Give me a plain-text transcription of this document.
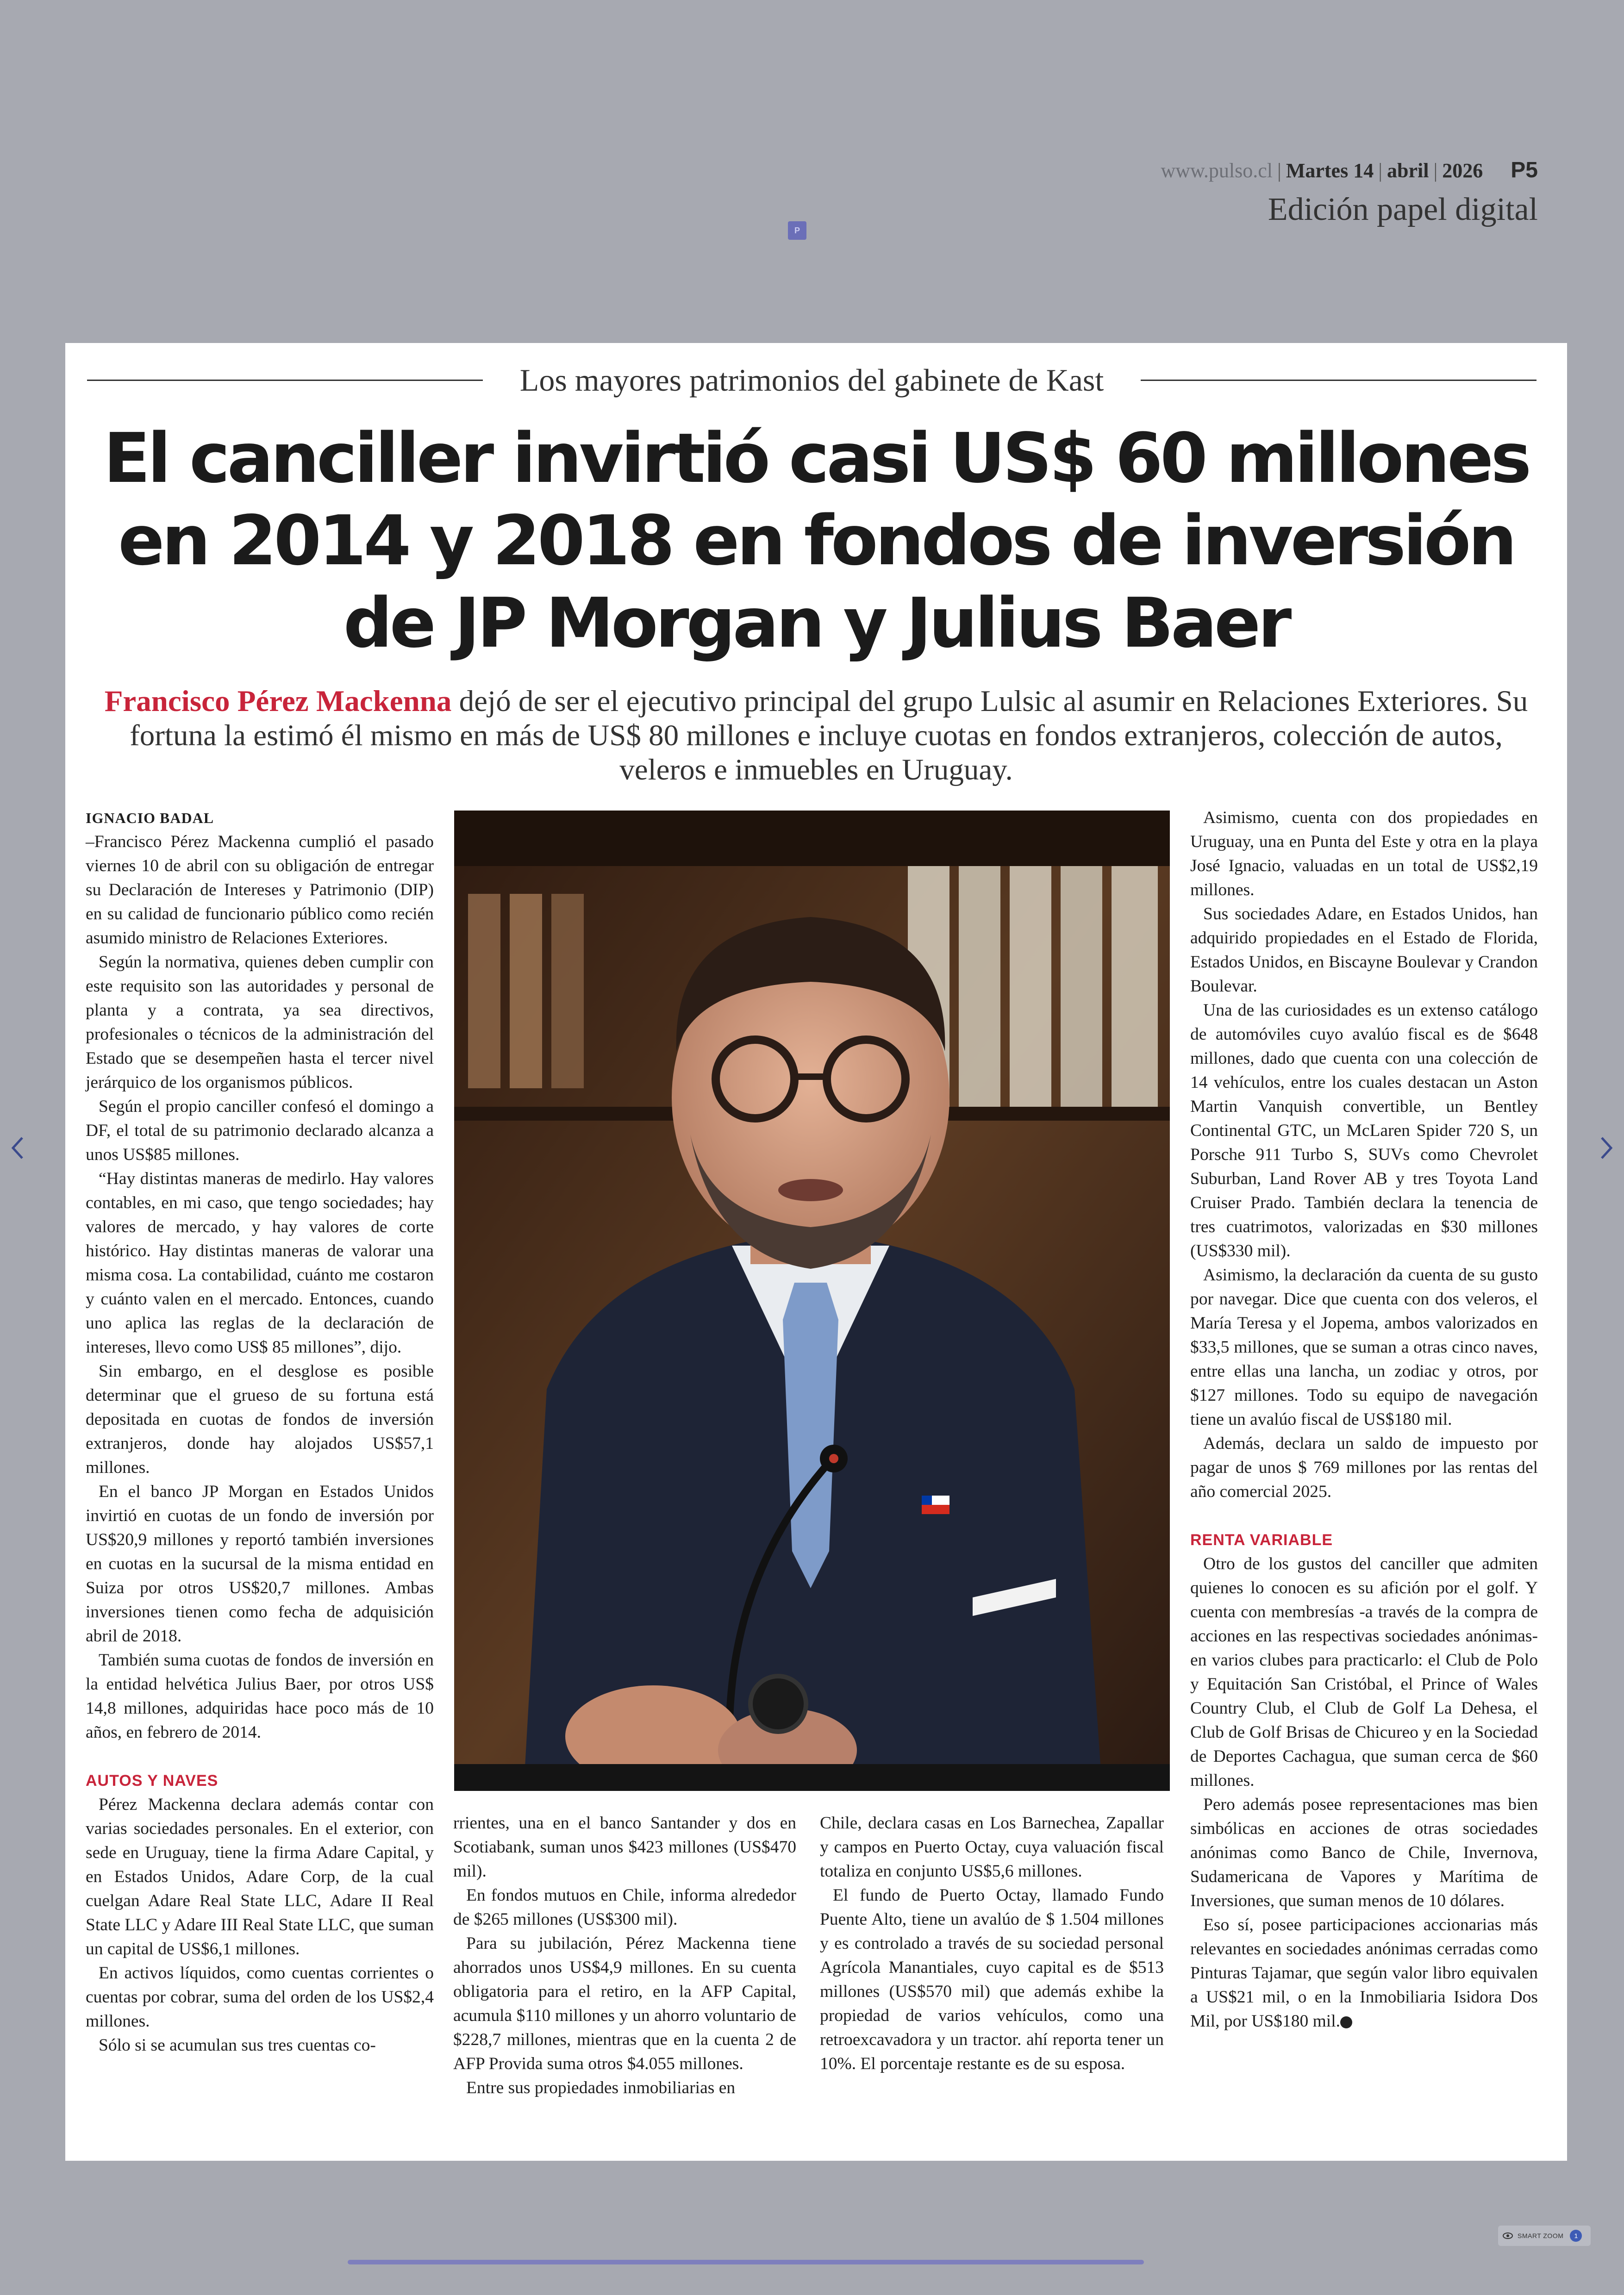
www.pulso.cl | Martes 14 | abril | 2026 P5
Edición papel digital
P
Los mayores patrimonios del gabinete de Kast
El canciller invirtió casi US$ 60 millones en 2014 y 2018 en fondos de inversión de JP Morgan y Julius Baer
Francisco Pérez Mackenna dejó de ser el ejecutivo principal del grupo Lulsic al asumir en Relaciones Exteriores. Su fortuna la estimó él mismo en más de US$ 80 millones e incluye cuotas en fondos extranjeros, colección de autos, veleros e inmuebles en Uruguay.

IGNACIO BADAL

–Francisco Pérez Mackenna cumplió el pasado viernes 10 de abril con su obligación de entregar su Declaración de Intereses y Patrimonio (DIP) en su calidad de funcionario público como recién asumido ministro de Relaciones Exteriores.

Según la normativa, quienes deben cumplir con este requisito son las autoridades y personal de planta y a contrata, ya sea directivos, profesionales o técnicos de la administración del Estado que se desempeñen hasta el tercer nivel jerárquico de los organismos públicos.

Según el propio canciller confesó el domingo a DF, el total de su patrimonio declarado alcanza a unos US$85 millones.

“Hay distintas maneras de medirlo. Hay valores contables, en mi caso, que tengo sociedades; hay valores de mercado, y hay valores de corte histórico. Hay distintas maneras de valorar una misma cosa. La contabilidad, cuánto me costaron y cuánto valen en el mercado. Entonces, cuando uno aplica las reglas de la declaración de intereses, llevo como US$ 85 millones”, dijo.

Sin embargo, en el desglose es posible determinar que el grueso de su fortuna está depositada en cuotas de fondos de inversión extranjeros, donde hay alojados US$57,1 millones.

En el banco JP Morgan en Estados Unidos invirtió en cuotas de un fondo de inversión por US$20,9 millones y reportó también inversiones en cuotas en la sucursal de la misma entidad en Suiza por otros US$20,7 millones. Ambas inversiones tienen como fecha de adquisición abril de 2018.

También suma cuotas de fondos de inversión en la entidad helvética Julius Baer, por otros US$ 14,8 millones, adquiridas hace poco más de 10 años, en febrero de 2014.

AUTOS Y NAVES

Pérez Mackenna declara además contar con varias sociedades personales. En el exterior, con sede en Uruguay, tiene la firma Adare Capital, y en Estados Unidos, Adare Corp, de la cual cuelgan Adare Real State LLC, Adare II Real State LLC y Adare III Real State LLC, que suman un capital de US$6,1 millones.

En activos líquidos, como cuentas corrientes o cuentas por cobrar, suma del orden de los US$2,4 millones.

Sólo si se acumulan sus tres cuentas co-

rrientes, una en el banco Santander y dos en Scotiabank, suman unos $423 millones (US$470 mil).

En fondos mutuos en Chile, informa alrededor de $265 millones (US$300 mil).

Para su jubilación, Pérez Mackenna tiene ahorrados unos US$4,9 millones. En su cuenta obligatoria para el retiro, en la AFP Capital, acumula $110 millones y un ahorro voluntario de $228,7 millones, mientras que en la cuenta 2 de AFP Provida suma otros $4.055 millones.

Entre sus propiedades inmobiliarias en

Chile, declara casas en Los Barnechea, Zapallar y campos en Puerto Octay, cuya valuación fiscal totaliza en conjunto US$5,6 millones.

El fundo de Puerto Octay, llamado Fundo Puente Alto, tiene un avalúo de $ 1.504 millones y es controlado a través de su sociedad personal Agrícola Manantiales, cuyo capital es de $513 millones (US$570 mil) que además exhibe la propiedad de varios vehículos, como una retroexcavadora y un tractor. ahí reporta tener un 10%. El porcentaje restante es de su esposa.

Asimismo, cuenta con dos propiedades en Uruguay, una en Punta del Este y otra en la playa José Ignacio, valuadas en un total de US$2,19 millones.

Sus sociedades Adare, en Estados Unidos, han adquirido propiedades en el Estado de Florida, Estados Unidos, en Biscayne Boulevar y Crandon Boulevar.

Una de las curiosidades es un extenso catálogo de automóviles cuyo avalúo fiscal es de $648 millones, dado que cuenta con una colección de 14 vehículos, entre los cuales destacan un Aston Martin Vanquish convertible, un Bentley Continental GTC, un McLaren Spider 720 S, un Porsche 911 Turbo S, SUVs como Chevrolet Suburban, Land Rover AB y tres Toyota Land Cruiser Prado. También declara la tenencia de tres cuatrimotos, valorizadas en $30 millones (US$330 mil).

Asimismo, la declaración da cuenta de su gusto por navegar. Dice que cuenta con dos veleros, el María Teresa y el Jopema, ambos valorizados en $33,5 millones, que se suman a otras cinco naves, entre ellas una lancha, un zodiac y otros, por $127 millones. Todo su equipo de navegación tiene un avalúo fiscal de US$180 mil.

Además, declara un saldo de impuesto por pagar de unos $ 769 millones por las rentas del año comercial 2025.

RENTA VARIABLE

Otro de los gustos del canciller que admiten quienes lo conocen es su afición por el golf. Y cuenta con membresías -a través de la compra de acciones en las respectivas sociedades anónimas- en varios clubes para practicarlo: el Club de Polo y Equitación San Cristóbal, el Prince of Wales Country Club, el Club de Golf La Dehesa, el Club de Golf Brisas de Chicureo y en la Sociedad de Deportes Cachagua, que suman cerca de $60 millones.

Pero además posee representaciones mas bien simbólicas en acciones de otras sociedades anónimas como Banco de Chile, Invernova, Sudamericana de Vapores y Marítima de Inversiones, que suman menos de 10 dólares.

Eso sí, posee participaciones accionarias más relevantes en sociedades anónimas cerradas como Pinturas Tajamar, que según valor libro equivalen a US$21 mil, o en la Inmobiliaria Isidora Dos Mil, por US$180 mil. P

SMART ZOOM	1
